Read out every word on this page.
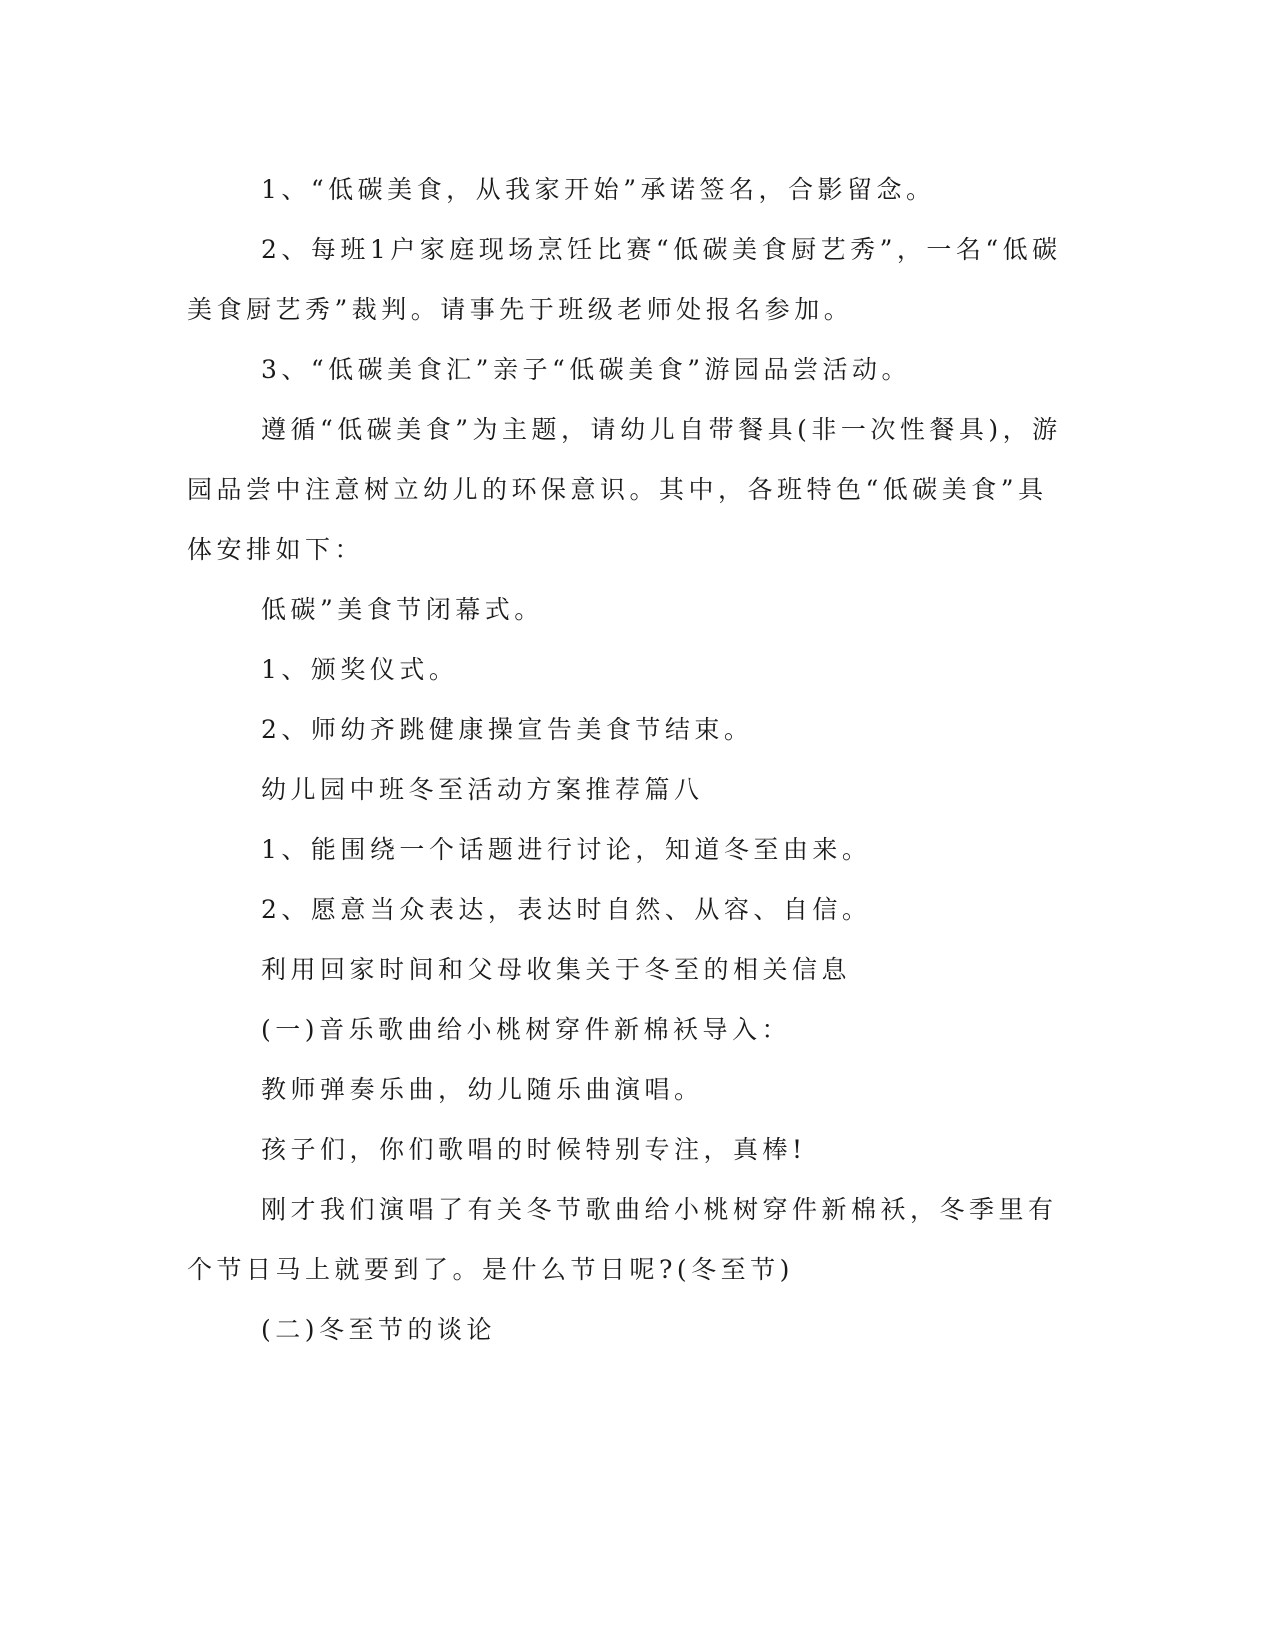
1、“低碳美食，从我家开始”承诺签名，合影留念。

2、每班1户家庭现场烹饪比赛“低碳美食厨艺秀”，一名“低碳美食厨艺秀”裁判。请事先于班级老师处报名参加。

3、“低碳美食汇”亲子“低碳美食”游园品尝活动。

遵循“低碳美食”为主题，请幼儿自带餐具(非一次性餐具)，游园品尝中注意树立幼儿的环保意识。其中，各班特色“低碳美食”具体安排如下：

低碳”美食节闭幕式。

1、颁奖仪式。

2、师幼齐跳健康操宣告美食节结束。

幼儿园中班冬至活动方案推荐篇八

1、能围绕一个话题进行讨论，知道冬至由来。

2、愿意当众表达，表达时自然、从容、自信。

利用回家时间和父母收集关于冬至的相关信息

(一)音乐歌曲给小桃树穿件新棉袄导入：

教师弹奏乐曲，幼儿随乐曲演唱。

孩子们，你们歌唱的时候特别专注，真棒!

刚才我们演唱了有关冬节歌曲给小桃树穿件新棉袄，冬季里有个节日马上就要到了。是什么节日呢?(冬至节)

(二)冬至节的谈论
